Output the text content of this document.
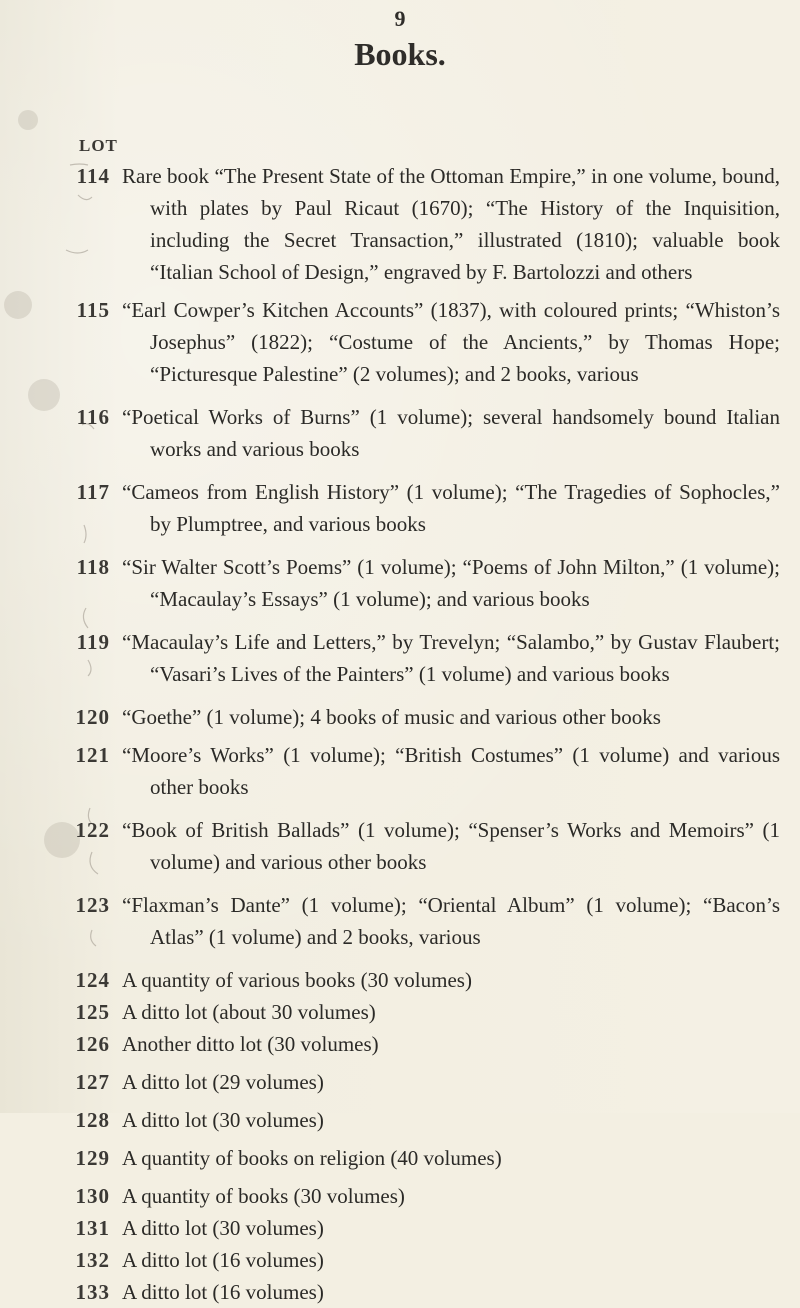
9
Books.
LOT
114 Rare book “The Present State of the Ottoman Empire,” in one volume, bound, with plates by Paul Ricaut (1670); “The History of the Inquisition, including the Secret Transaction,” illustrated (1810); valuable book “Italian School of Design,” engraved by F. Bartolozzi and others
115 “Earl Cowper’s Kitchen Accounts” (1837), with coloured prints; “Whiston’s Josephus” (1822); “Costume of the Ancients,” by Thomas Hope; “Picturesque Palestine” (2 volumes); and 2 books, various
116 “Poetical Works of Burns” (1 volume); several handsomely bound Italian works and various books
117 “Cameos from English History” (1 volume); “The Tragedies of Sophocles,” by Plumptree, and various books
118 “Sir Walter Scott’s Poems” (1 volume); “Poems of John Milton,” (1 volume); “Macaulay’s Essays” (1 volume); and various books
119 “Macaulay’s Life and Letters,” by Trevelyn; “Salambo,” by Gustav Flaubert; “Vasari’s Lives of the Painters” (1 volume) and various books
120 “Goethe” (1 volume); 4 books of music and various other books
121 “Moore’s Works” (1 volume); “British Costumes” (1 volume) and various other books
122 “Book of British Ballads” (1 volume); “Spenser’s Works and Memoirs” (1 volume) and various other books
123 “Flaxman’s Dante” (1 volume); “Oriental Album” (1 volume); “Bacon’s Atlas” (1 volume) and 2 books, various
124 A quantity of various books (30 volumes)
125 A ditto lot (about 30 volumes)
126 Another ditto lot (30 volumes)
127 A ditto lot (29 volumes)
128 A ditto lot (30 volumes)
129 A quantity of books on religion (40 volumes)
130 A quantity of books (30 volumes)
131 A ditto lot (30 volumes)
132 A ditto lot (16 volumes)
133 A ditto lot (16 volumes)
